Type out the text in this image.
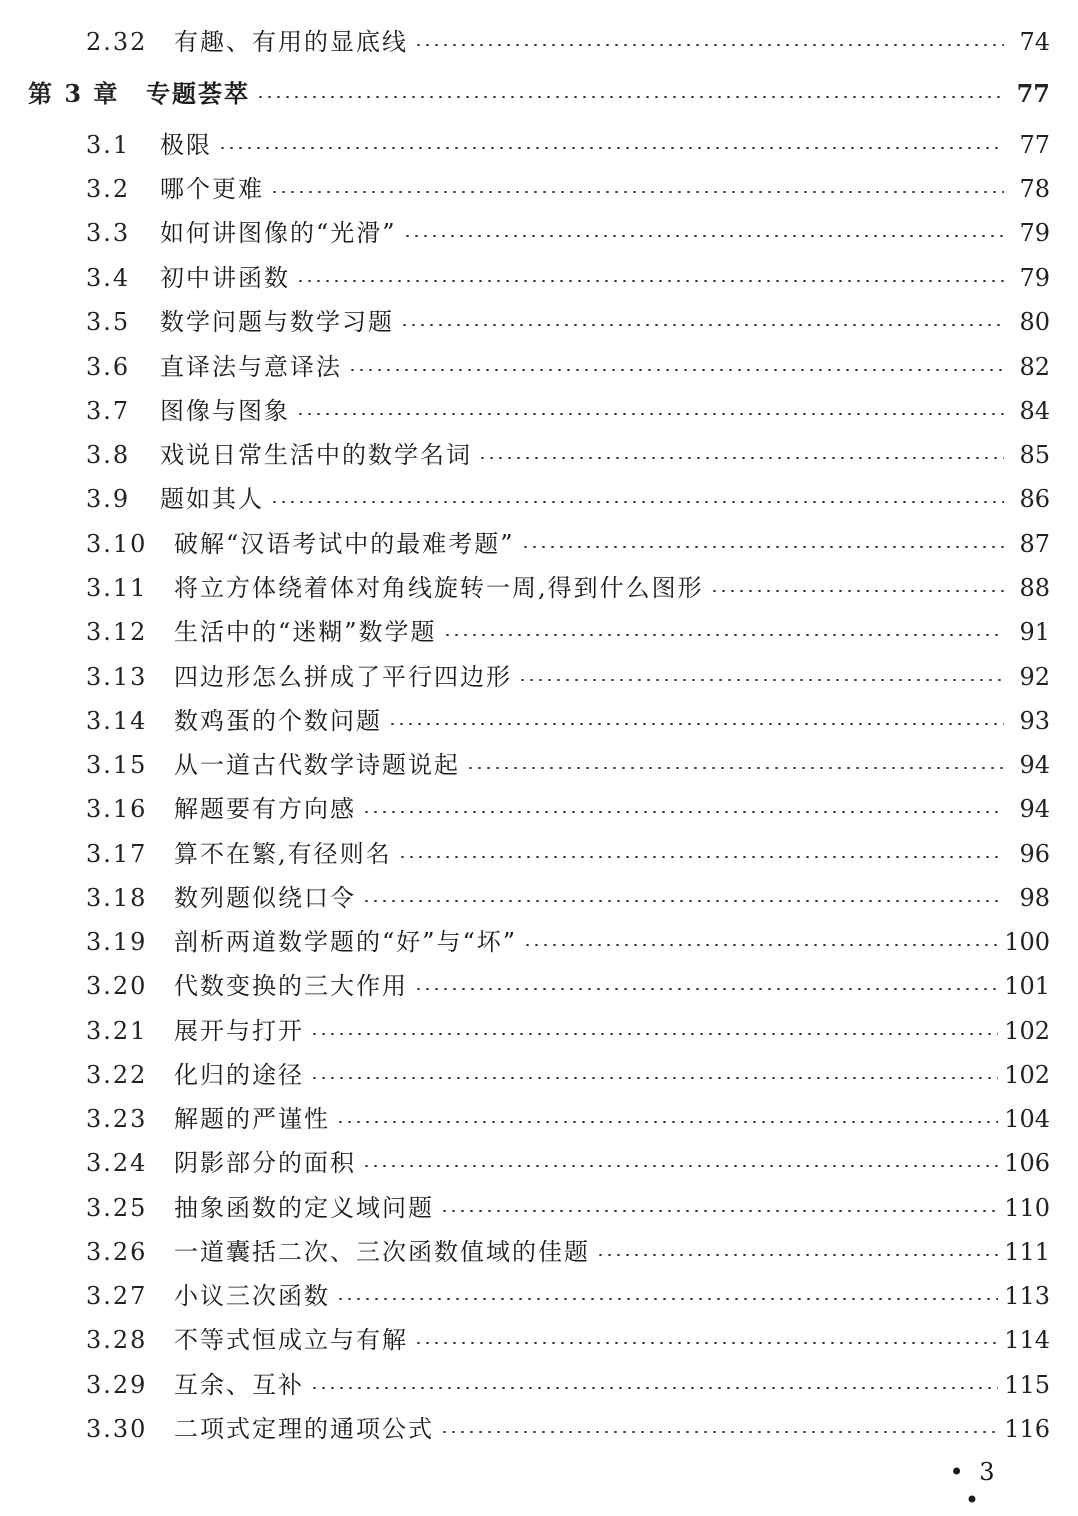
2.32	有趣、有用的显底线	74
第 3 章	专题荟萃	77
3.1	极限	77
3.2	哪个更难	78
3.3	如何讲图像的“光滑”	79
3.4	初中讲函数	79
3.5	数学问题与数学习题	80
3.6	直译法与意译法	82
3.7	图像与图象	84
3.8	戏说日常生活中的数学名词	85
3.9	题如其人	86
3.10	破解“汉语考试中的最难考题”	87
3.11	将立方体绕着体对角线旋转一周,得到什么图形	88
3.12	生活中的“迷糊”数学题	91
3.13	四边形怎么拼成了平行四边形	92
3.14	数鸡蛋的个数问题	93
3.15	从一道古代数学诗题说起	94
3.16	解题要有方向感	94
3.17	算不在繁,有径则名	96
3.18	数列题似绕口令	98
3.19	剖析两道数学题的“好”与“坏”	100
3.20	代数变换的三大作用	101
3.21	展开与打开	102
3.22	化归的途径	102
3.23	解题的严谨性	104
3.24	阴影部分的面积	106
3.25	抽象函数的定义域问题	110
3.26	一道囊括二次、三次函数值域的佳题	111
3.27	小议三次函数	113
3.28	不等式恒成立与有解	114
3.29	互余、互补	115
3.30	二项式定理的通项公式	116
• 3 •
